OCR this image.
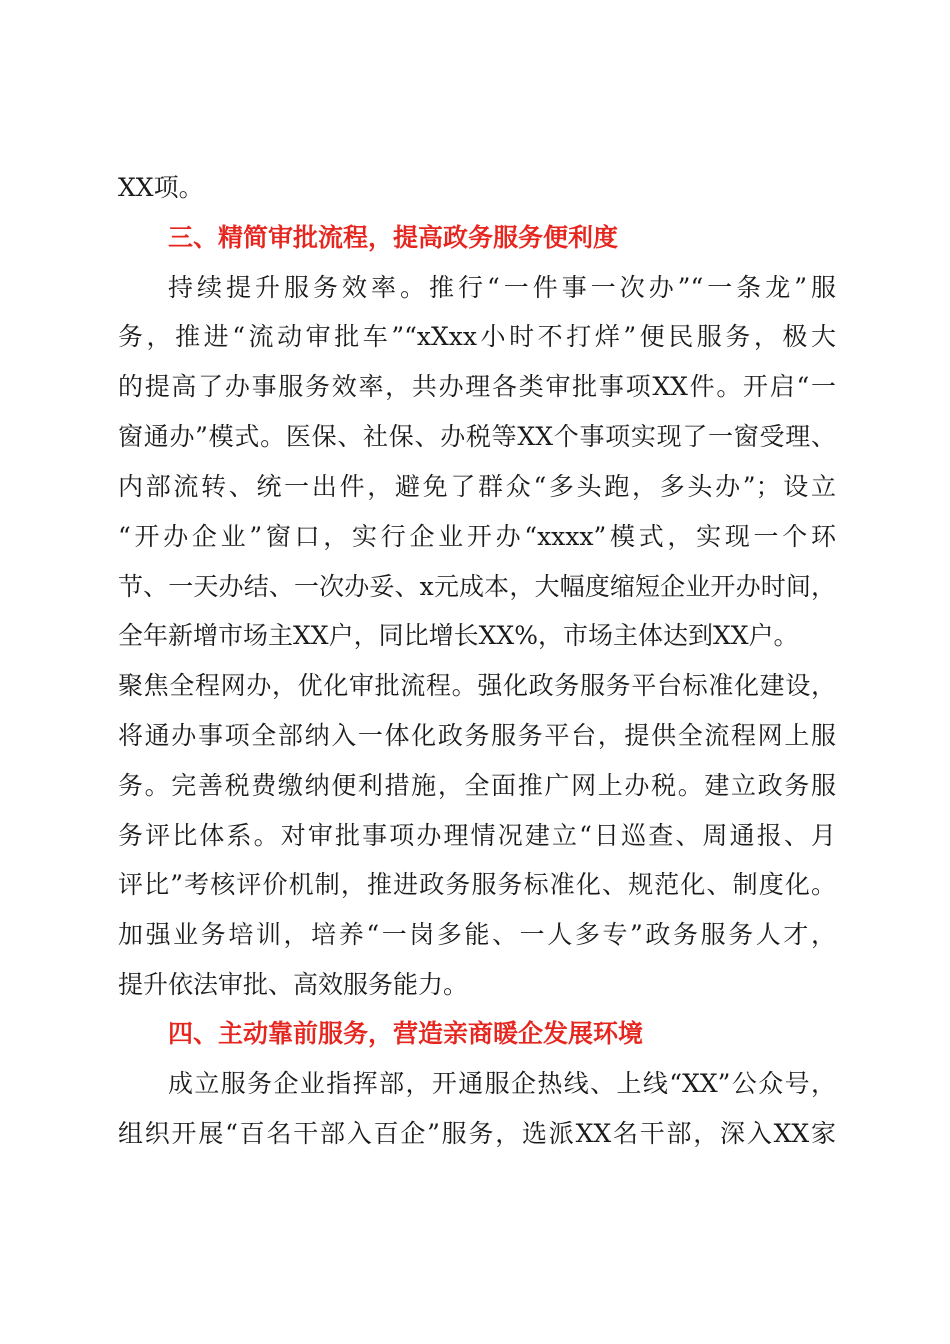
XX项。
三、精简审批流程，提高政务服务便利度
持续提升服务效率。推行“一件事一次办”“一条龙”服
务，推进“流动审批车”“xXxx小时不打烊”便民服务，极大
的提高了办事服务效率，共办理各类审批事项XX件。开启“一
窗通办”模式。医保、社保、办税等XX个事项实现了一窗受理、
内部流转、统一出件，避免了群众“多头跑，多头办”；设立
“开办企业”窗口，实行企业开办“xxxx”模式，实现一个环
节、一天办结、一次办妥、x元成本，大幅度缩短企业开办时间，
全年新增市场主XX户，同比增长XX%，市场主体达到XX户。
聚焦全程网办，优化审批流程。强化政务服务平台标准化建设，
将通办事项全部纳入一体化政务服务平台，提供全流程网上服
务。完善税费缴纳便利措施，全面推广网上办税。建立政务服
务评比体系。对审批事项办理情况建立“日巡查、周通报、月
评比”考核评价机制，推进政务服务标准化、规范化、制度化。
加强业务培训，培养“一岗多能、一人多专”政务服务人才，
提升依法审批、高效服务能力。
四、主动靠前服务，营造亲商暖企发展环境
成立服务企业指挥部，开通服企热线、上线“XX”公众号，
组织开展“百名干部入百企”服务，选派XX名干部，深入XX家
